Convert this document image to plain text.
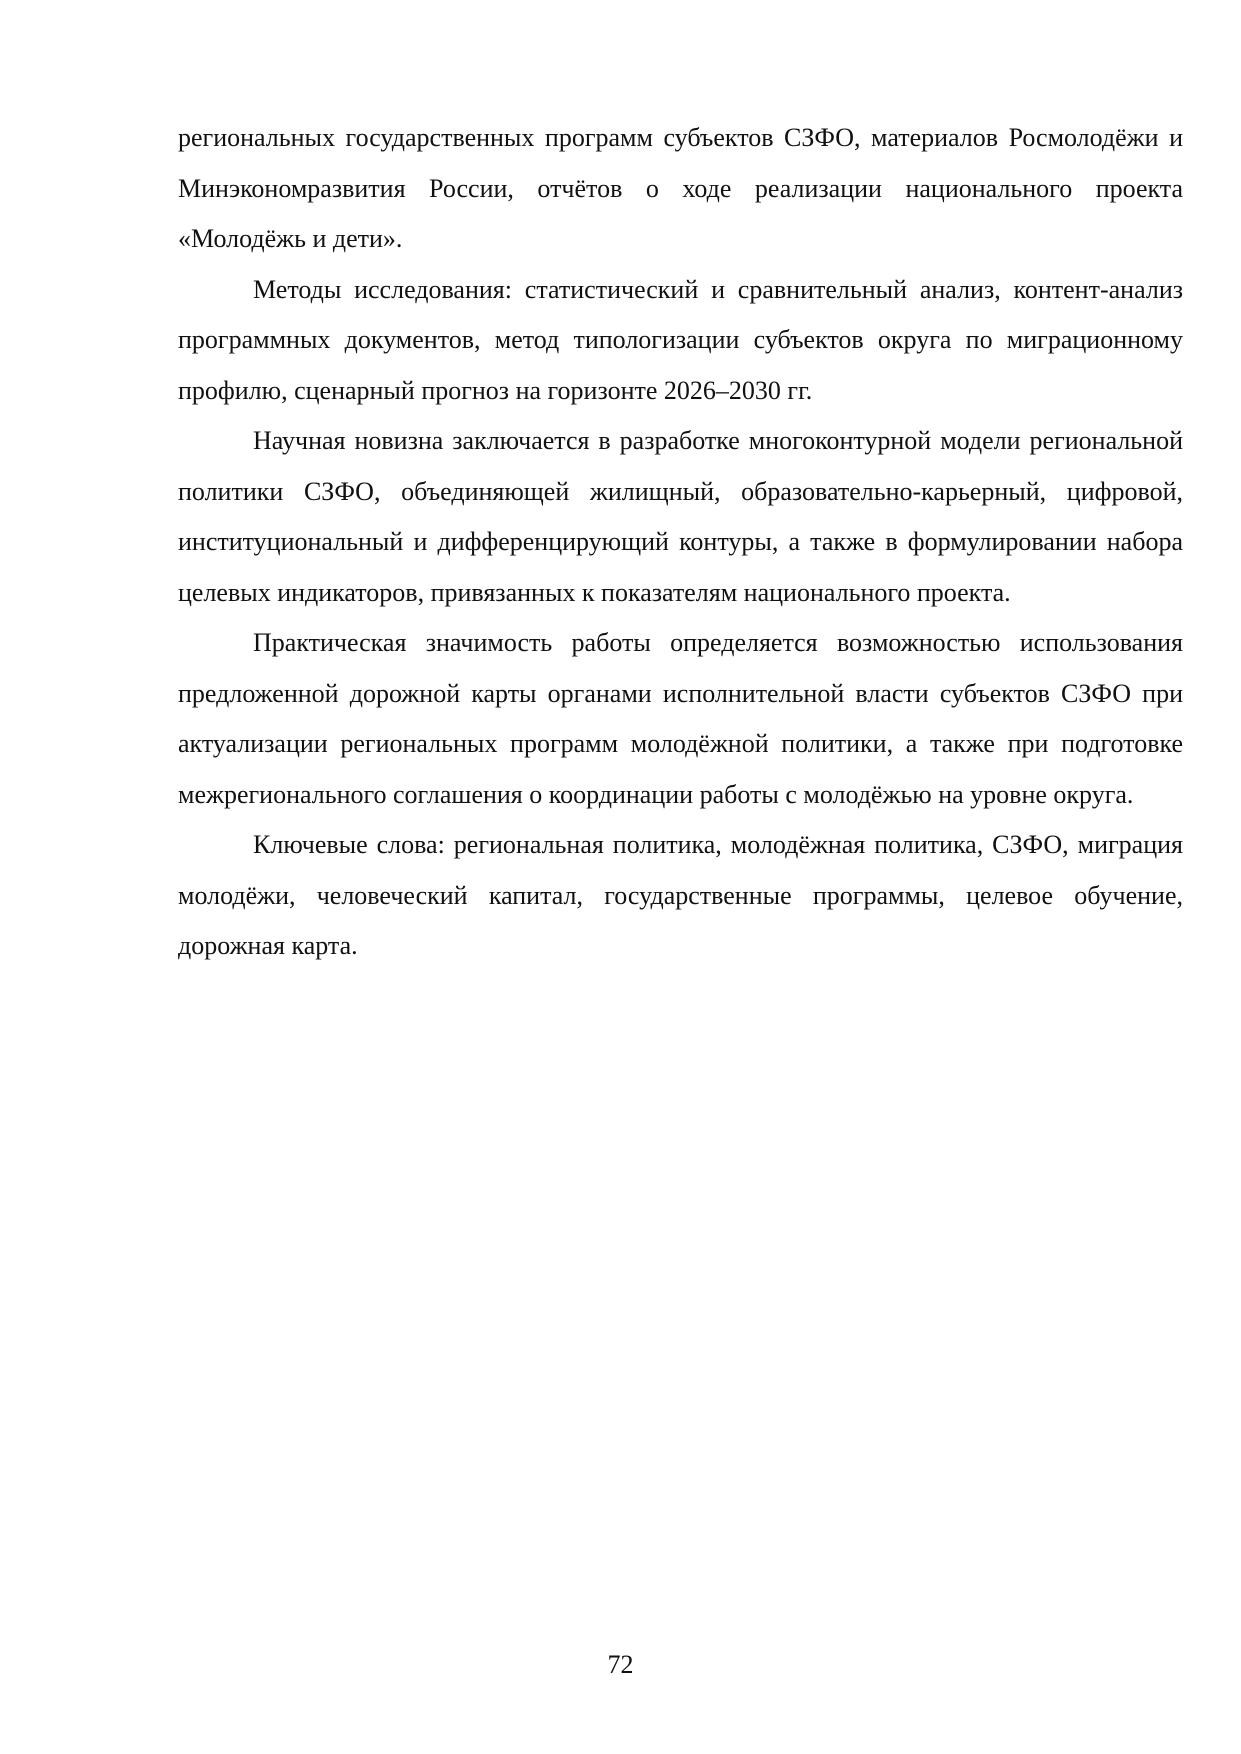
региональных государственных программ субъектов СЗФО, материалов Росмолодёжи и Минэкономразвития России, отчётов о ходе реализации национального проекта «Молодёжь и дети».

Методы исследования: статистический и сравнительный анализ, контент-анализ программных документов, метод типологизации субъектов округа по миграционному профилю, сценарный прогноз на горизонте 2026–2030 гг.

Научная новизна заключается в разработке многоконтурной модели региональной политики СЗФО, объединяющей жилищный, образовательно-карьерный, цифровой, институциональный и дифференцирующий контуры, а также в формулировании набора целевых индикаторов, привязанных к показателям национального проекта.

Практическая значимость работы определяется возможностью использования предложенной дорожной карты органами исполнительной власти субъектов СЗФО при актуализации региональных программ молодёжной политики, а также при подготовке межрегионального соглашения о координации работы с молодёжью на уровне округа.

Ключевые слова: региональная политика, молодёжная политика, СЗФО, миграция молодёжи, человеческий капитал, государственные программы, целевое обучение, дорожная карта.

72
